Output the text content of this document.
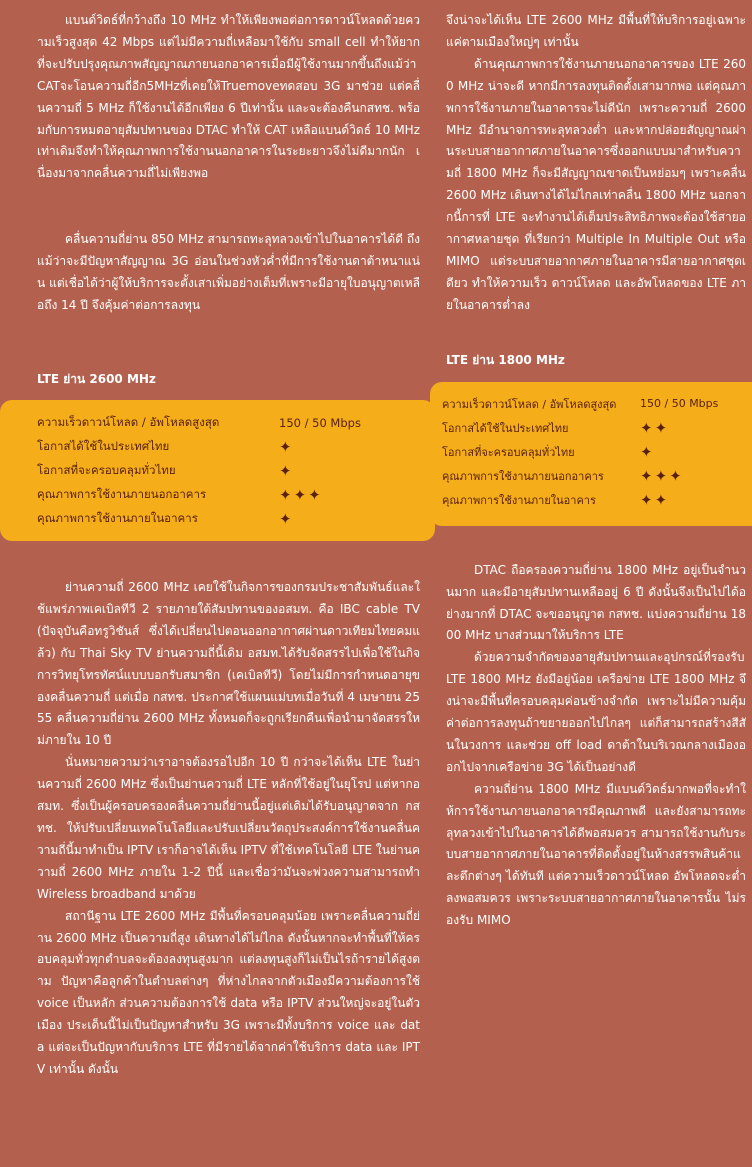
แบนด์วิดธ์ที่กว้างถึง 10 MHz ทำให้เพียงพอต่อการดาวน์โหลดด้วยความเร็วสูงสุด 42 Mbps แต่ไม่มีความถี่เหลือมาใช้กับ small cell ทำให้ยากที่จะปรับปรุงคุณภาพสัญญาณภายนอกอาคารเมื่อมีผู้ใช้งานมากขึ้นถึงแม้ว่าCATจะโอนความถี่อีก5MHzที่เคยให้Truemoveทดสอบ 3G มาช่วย แต่คลื่นความถี่ 5 MHz ก็ใช้งานได้อีกเพียง 6 ปีเท่านั้น และจะต้องคืนกสทช. พร้อมกับการหมดอายุสัมปทานของ DTAC ทำให้ CAT เหลือแบนด์วิดธ์ 10 MHz เท่าเดิมจึงทำให้คุณภาพการใช้งานนอกอาคารในระยะยาวจึงไม่ดีมากนัก เนื่องมาจากคลื่นความถี่ไม่เพียงพอ

คลื่นความถี่ย่าน 850 MHz สามารถทะลุทลวงเข้าไปในอาคารได้ดี ถึงแม้ว่าจะมีปัญหาสัญญาณ 3G อ่อนในช่วงหัวค่ำที่มีการใช้งานดาต้าหนาแน่น แต่เชื่อได้ว่าผู้ให้บริการจะตั้งเสาเพิ่มอย่างเต็มที่เพราะมีอายุใบอนุญาตเหลือถึง 14 ปี จึงคุ้มค่าต่อการลงทุน

LTE ย่าน 2600 MHz
ความเร็วดาวน์โหลด / อัพโหลดสูงสุด	150 / 50 Mbps
โอกาสได้ใช้ในประเทศไทย	✦
โอกาสที่จะครอบคลุมทั่วไทย	✦
คุณภาพการใช้งานภายนอกอาคาร	✦✦✦
คุณภาพการใช้งานภายในอาคาร	✦

ย่านความถี่ 2600 MHz เคยใช้ในกิจการของกรมประชาสัมพันธ์และใช้แพร่ภาพเคเบิลทีวี 2 รายภายใต้สัมปทานของอสมท. คือ IBC cable TV (ปัจจุบันคือทรูวิชันส์ ซึ่งได้เปลี่ยนไปตอนออกอากาศผ่านดาวเทียมไทยคมแล้ว) กับ Thai Sky TV ย่านความถี่นี้เดิม อสมท.ได้รับจัดสรรไปเพื่อใช้ในกิจการวิทยุโทรทัศน์แบบบอกรับสมาชิก (เคเบิลทีวี) โดยไม่มีการกำหนดอายุของคลื่นความถี่ แต่เมื่อ กสทช. ประกาศใช้แผนแม่บทเมื่อวันที่ 4 เมษายน 2555 คลื่นความถี่ย่าน 2600 MHz ทั้งหมดก็จะถูกเรียกคืนเพื่อนำมาจัดสรรใหม่ภายใน 10 ปี

นั่นหมายความว่าเราอาจต้องรอไปอีก 10 ปี กว่าจะได้เห็น LTE ในย่านความถี่ 2600 MHz ซึ่งเป็นย่านความถี่ LTE หลักที่ใช้อยู่ในยุโรป แต่หากอสมท. ซึ่งเป็นผู้ครอบครองคลื่นความถี่ย่านนี้อยู่แต่เดิมได้รับอนุญาตจาก กสทช. ให้ปรับเปลี่ยนเทคโนโลยีและปรับเปลี่ยนวัตถุประสงค์การใช้งานคลื่นความถี่นี้มาทำเป็น IPTV เราก็อาจได้เห็น IPTV ที่ใช้เทคโนโลยี LTE ในย่านความถี่ 2600 MHz ภายใน 1-2 ปีนี้ และเชื่อว่ามันจะพ่วงความสามารถทำ Wireless broadband มาด้วย

สถานีฐาน LTE 2600 MHz มีพื้นที่ครอบคลุมน้อย เพราะคลื่นความถี่ย่าน 2600 MHz เป็นความถี่สูง เดินทางได้ไม่ไกล ดังนั้นหากจะทำพื้นที่ให้ครอบคลุมทั่วทุกตำบลจะต้องลงทุนสูงมาก แต่ลงทุนสูงก็ไม่เป็นไรถ้ารายได้สูงตาม ปัญหาคือลูกค้าในตำบลต่างๆ ที่ห่างไกลจากตัวเมืองมีความต้องการใช้ voice เป็นหลัก ส่วนความต้องการใช้ data หรือ IPTV ส่วนใหญ่จะอยู่ในตัวเมือง ประเด็นนี้ไม่เป็นปัญหาสำหรับ 3G เพราะมีทั้งบริการ voice และ data แต่จะเป็นปัญหากับบริการ LTE ที่มีรายได้จากค่าใช้บริการ data และ IPTV เท่านั้น ดังนั้น

จึงน่าจะได้เห็น LTE 2600 MHz มีพื้นที่ให้บริการอยู่เฉพาะแค่ตามเมืองใหญ่ๆ เท่านั้น

ด้านคุณภาพการใช้งานภายนอกอาคารของ LTE 2600 MHz น่าจะดี หากมีการลงทุนติดตั้งเสามากพอ แต่คุณภาพการใช้งานภายในอาคารจะไม่ดีนัก เพราะความถี่ 2600 MHz มีอำนาจการทะลุทลวงต่ำ และหากปล่อยสัญญาณผ่านระบบสายอากาศภายในอาคารซึ่งออกแบบมาสำหรับความถี่ 1800 MHz ก็จะมีสัญญาณขาดเป็นหย่อมๆ เพราะคลื่น 2600 MHz เดินทางได้ไม่ไกลเท่าคลื่น 1800 MHz นอกจากนี้การที่ LTE จะทำงานได้เต็มประสิทธิภาพจะต้องใช้สายอากาศหลายชุด ที่เรียกว่า Multiple In Multiple Out หรือ MIMO แต่ระบบสายอากาศภายในอาคารมีสายอากาศชุดเดียว ทำให้ความเร็ว ดาวน์โหลด และอัพโหลดของ LTE ภายในอาคารต่ำลง

LTE ย่าน 1800 MHz
ความเร็วดาวน์โหลด / อัพโหลดสูงสุด	150 / 50 Mbps
โอกาสได้ใช้ในประเทศไทย	✦✦
โอกาสที่จะครอบคลุมทั่วไทย	✦
คุณภาพการใช้งานภายนอกอาคาร	✦✦✦
คุณภาพการใช้งานภายในอาคาร	✦✦

DTAC ถือครองความถี่ย่าน 1800 MHz อยู่เป็นจำนวนมาก และมีอายุสัมปทานเหลืออยู่ 6 ปี ดังนั้นจึงเป็นไปได้อย่างมากที่ DTAC จะขออนุญาต กสทช. แบ่งความถี่ย่าน 1800 MHz บางส่วนมาให้บริการ LTE

ด้วยความจำกัดของอายุสัมปทานและอุปกรณ์ที่รองรับ LTE 1800 MHz ยังมีอยู่น้อย เครือข่าย LTE 1800 MHz จึงน่าจะมีพื้นที่ครอบคลุมค่อนข้างจำกัด เพราะไม่มีความคุ้มค่าต่อการลงทุนถ้าขยายออกไปไกลๆ แต่ก็สามารถสร้างสีสันในวงการ และช่วย off load ดาต้าในบริเวณกลางเมืองออกไปจากเครือข่าย 3G ได้เป็นอย่างดี

ความถี่ย่าน 1800 MHz มีแบนด์วิดธ์มากพอที่จะทำให้การใช้งานภายนอกอาคารมีคุณภาพดี และยังสามารถทะลุทลวงเข้าไปในอาคารได้ดีพอสมควร สามารถใช้งานกับระบบสายอากาศภายในอาคารที่ติดตั้งอยู่ในห้างสรรพสินค้าและตึกต่างๆ ได้ทันที แต่ความเร็วดาวน์โหลด อัพโหลดจะต่ำลงพอสมควร เพราะระบบสายอากาศภายในอาคารนั้น ไม่รองรับ MIMO
